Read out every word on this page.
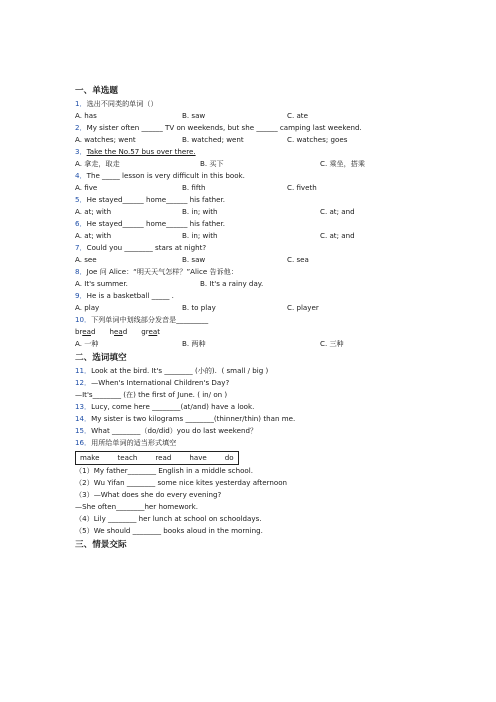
一、单选题
1．选出不同类的单词（）
A. has	B. saw	C. ate
2．My sister often ______ TV on weekends, but she ______ camping last weekend.
A. watches; went	B. watched; went	C. watches; goes
3．Take the No.57 bus over there.
A. 拿走，取走	B. 买下	C. 乘坐，搭乘
4．The _____ lesson is very difficult in this book.
A. five	B. fifth	C. fiveth
5．He stayed______ home______ his father.
A. at; with	B. in; with	C. at; and
6．He stayed______ home______ his father.
A. at; with	B. in; with	C. at; and
7．Could you ________ stars at night?
A. see	B. saw	C. sea
8．Joe 问 Alice：“明天天气怎样？”Alice 告诉他：
A. It's summer.	B. It's a rainy day.
9．He is a basketball _____ .
A. play	B. to play	C. player
10．下列单词中划线部分发音是_________
bread head great
A. 一种	B. 两种	C. 三种
二、选词填空
11．Look at the bird. It's ________ (小的).  ( small / big )
12．—When's International Children's Day?
—It's________ (在) the first of June. ( in/ on )
13．Lucy, come here ________(at/and) have a look.
14．My sister is two kilograms ________(thinner/thin) than me.
15．What ________（do/did）you do last weekend？
16．用所给单词的适当形式填空
make	teach	read	have	do
（1）My father________ English in a middle school.
（2）Wu Yifan ________ some nice kites yesterday afternoon
（3）—What does she do every evening?
—She often________her homework.
（4）Lily ________ her lunch at school on schooldays.
（5）We should ________ books aloud in the morning.
三、情景交际
